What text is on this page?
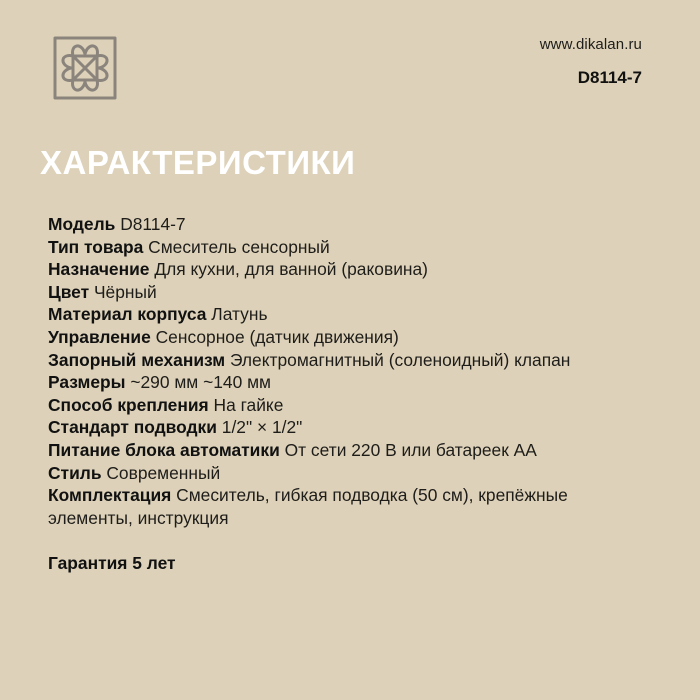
www.dikalan.ru
D8114-7
ХАРАКТЕРИСТИКИ

Модель D8114-7

Тип товара Смеситель сенсорный

Назначение Для кухни, для ванной (раковина)

Цвет Чёрный

Материал корпуса Латунь

Управление Сенсорное (датчик движения)

Запорный механизм Электромагнитный (соленоидный) клапан

Размеры ~290 мм ~140 мм

Способ крепления На гайке

Стандарт подводки 1/2" × 1/2"

Питание блока автоматики От сети 220 В или батареек АА

Стиль Современный

Комплектация Смеситель, гибкая подводка (50 см), крепёжные элементы, инструкция

Гарантия 5 лет
